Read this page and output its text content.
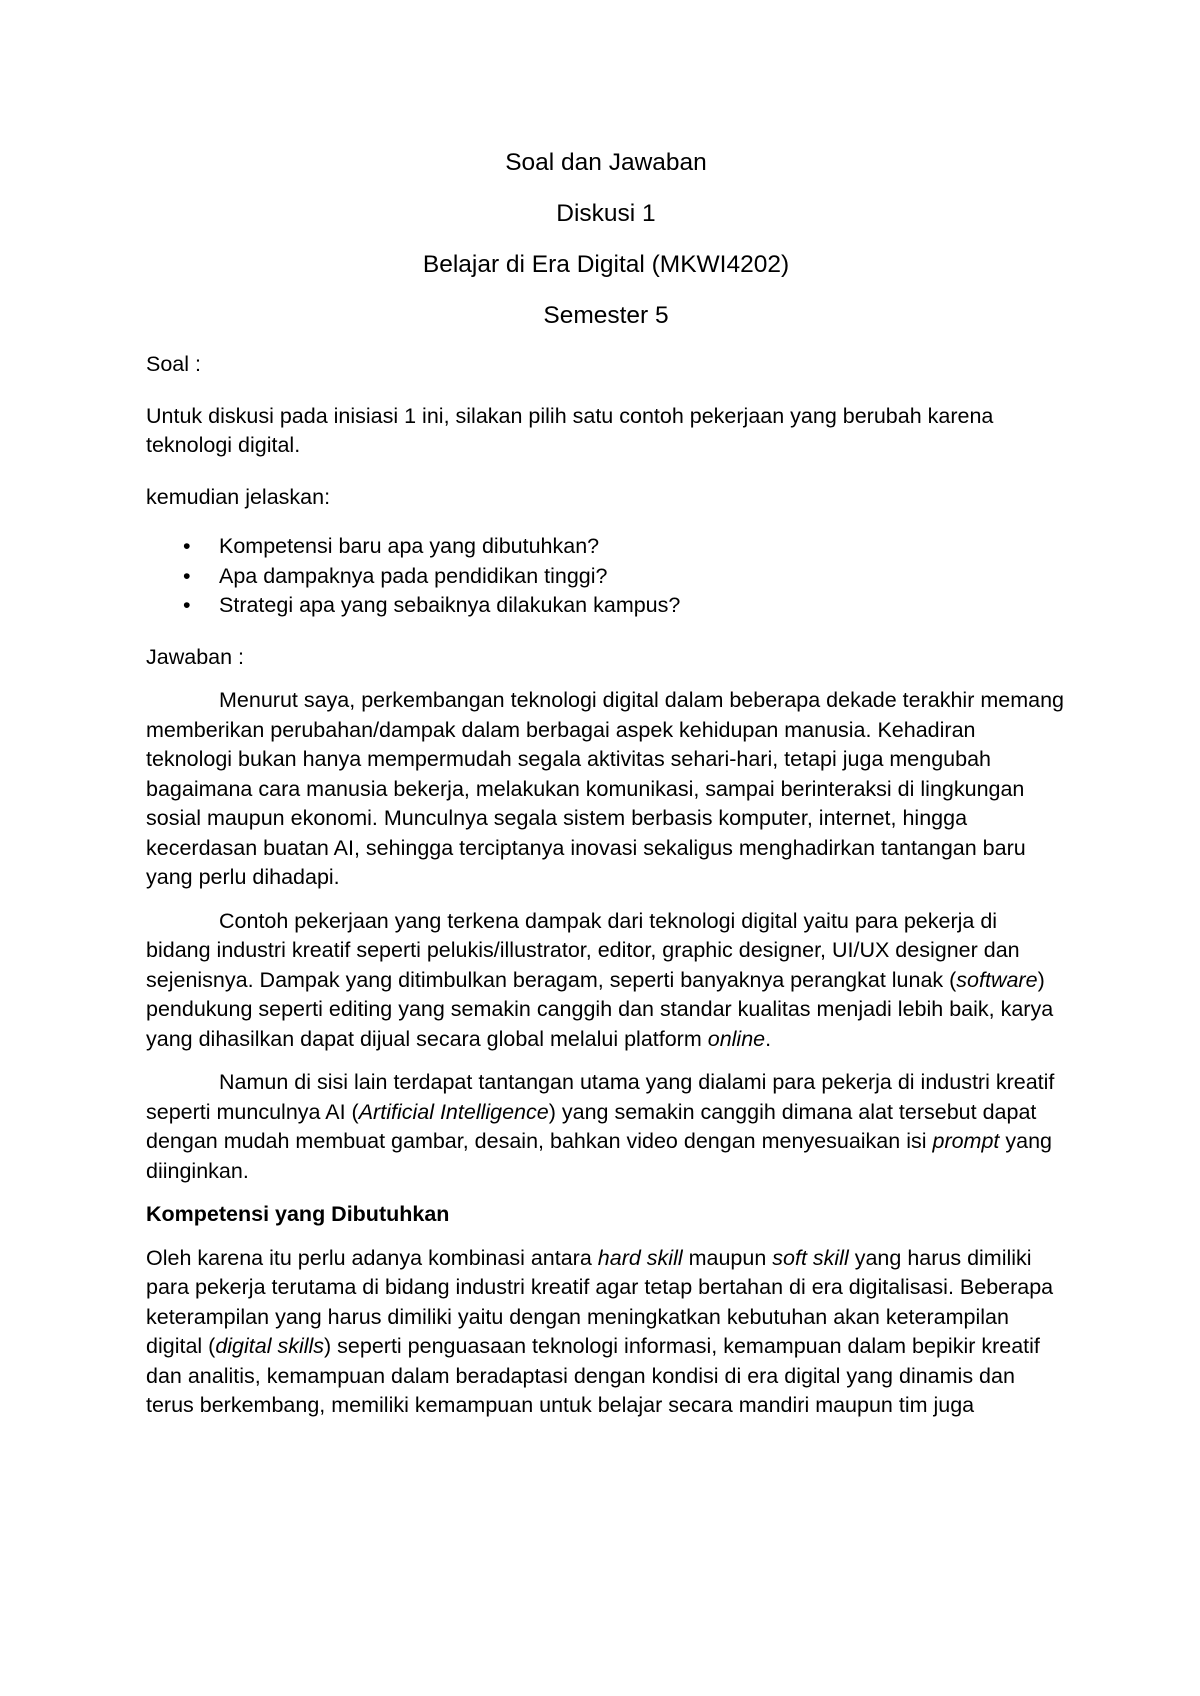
Soal dan Jawaban
Diskusi 1
Belajar di Era Digital (MKWI4202)
Semester 5

Soal :

Untuk diskusi pada inisiasi 1 ini, silakan pilih satu contoh pekerjaan yang berubah karena teknologi digital.

kemudian jelaskan:

• Kompetensi baru apa yang dibutuhkan?
• Apa dampaknya pada pendidikan tinggi?
• Strategi apa yang sebaiknya dilakukan kampus?

Jawaban :

Menurut saya, perkembangan teknologi digital dalam beberapa dekade terakhir memang memberikan perubahan/dampak dalam berbagai aspek kehidupan manusia. Kehadiran teknologi bukan hanya mempermudah segala aktivitas sehari-hari, tetapi juga mengubah bagaimana cara manusia bekerja, melakukan komunikasi, sampai berinteraksi di lingkungan sosial maupun ekonomi. Munculnya segala sistem berbasis komputer, internet, hingga kecerdasan buatan AI, sehingga terciptanya inovasi sekaligus menghadirkan tantangan baru yang perlu dihadapi.

Contoh pekerjaan yang terkena dampak dari teknologi digital yaitu para pekerja di bidang industri kreatif seperti pelukis/illustrator, editor, graphic designer, UI/UX designer dan sejenisnya. Dampak yang ditimbulkan beragam, seperti banyaknya perangkat lunak (software) pendukung seperti editing yang semakin canggih dan standar kualitas menjadi lebih baik, karya yang dihasilkan dapat dijual secara global melalui platform online.

Namun di sisi lain terdapat tantangan utama yang dialami para pekerja di industri kreatif seperti munculnya AI (Artificial Intelligence) yang semakin canggih dimana alat tersebut dapat dengan mudah membuat gambar, desain, bahkan video dengan menyesuaikan isi prompt yang diinginkan.

Kompetensi yang Dibutuhkan

Oleh karena itu perlu adanya kombinasi antara hard skill maupun soft skill yang harus dimiliki para pekerja terutama di bidang industri kreatif agar tetap bertahan di era digitalisasi. Beberapa keterampilan yang harus dimiliki yaitu dengan meningkatkan kebutuhan akan keterampilan digital (digital skills) seperti penguasaan teknologi informasi, kemampuan dalam bepikir kreatif dan analitis, kemampuan dalam beradaptasi dengan kondisi di era digital yang dinamis dan terus berkembang, memiliki kemampuan untuk belajar secara mandiri maupun tim juga
